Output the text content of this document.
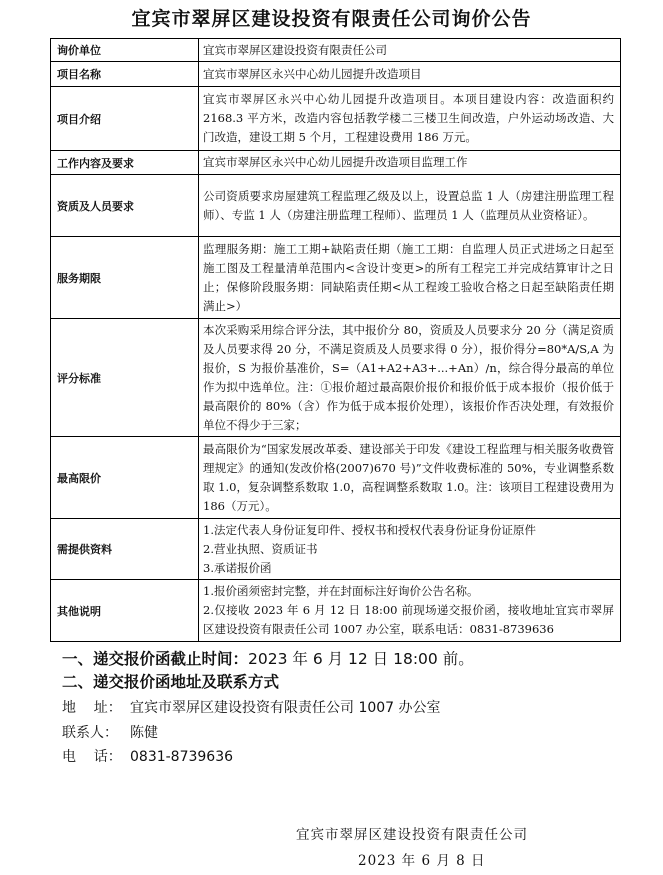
宜宾市翠屏区建设投资有限责任公司询价公告
询价单位	宜宾市翠屏区建设投资有限责任公司
项目名称	宜宾市翠屏区永兴中心幼儿园提升改造项目
项目介绍	宜宾市翠屏区永兴中心幼儿园提升改造项目。本项目建设内容：改造面积约 2168.3 平方米，改造内容包括教学楼二三楼卫生间改造，户外运动场改造、大门改造，建设工期 5 个月，工程建设费用 186 万元。
工作内容及要求	宜宾市翠屏区永兴中心幼儿园提升改造项目监理工作
资质及人员要求	公司资质要求房屋建筑工程监理乙级及以上，设置总监 1 人（房建注册监理工程师）、专监 1 人（房建注册监理工程师）、监理员 1 人（监理员从业资格证）。
服务期限	监理服务期：施工工期+缺陷责任期（施工工期：自监理人员正式进场之日起至施工图及工程量清单范围内<含设计变更>的所有工程完工并完成结算审计之日止；保修阶段服务期：同缺陷责任期<从工程竣工验收合格之日起至缺陷责任期满止>）
评分标准	本次采购采用综合评分法，其中报价分 80，资质及人员要求分 20 分（满足资质及人员要求得 20 分，不满足资质及人员要求得 0 分），报价得分=80*A/S,A 为报价，S 为报价基准价，S=（A1+A2+A3+...+An）/n，综合得分最高的单位作为拟中选单位。注：①报价超过最高限价报价和报价低于成本报价（报价低于最高限价的 80%（含）作为低于成本报价处理），该报价作否决处理，有效报价单位不得少于三家；
最高限价	最高限价为“国家发展改革委、建设部关于印发《建设工程监理与相关服务收费管理规定》的通知(发改价格(2007)670 号)”文件收费标准的 50%，专业调整系数取 1.0，复杂调整系数取 1.0，高程调整系数取 1.0。注：该项目工程建设费用为 186（万元）。
需提供资料	1.法定代表人身份证复印件、授权书和授权代表身份证身份证原件
2.营业执照、资质证书
3.承诺报价函

其他说明	1.报价函须密封完整，并在封面标注好询价公告名称。
2.仅接收 2023 年 6 月 12 日 18:00 前现场递交报价函，接收地址宜宾市翠屏区建设投资有限责任公司 1007 办公室，联系电话：0831-8739636
一、递交报价函截止时间：2023 年 6 月 12 日 18:00 前。
二、递交报价函地址及联系方式
地    址： 宜宾市翠屏区建设投资有限责任公司 1007 办公室
联系人： 陈健
电    话： 0831-8739636
宜宾市翠屏区建设投资有限责任公司
2023 年 6 月 8 日
